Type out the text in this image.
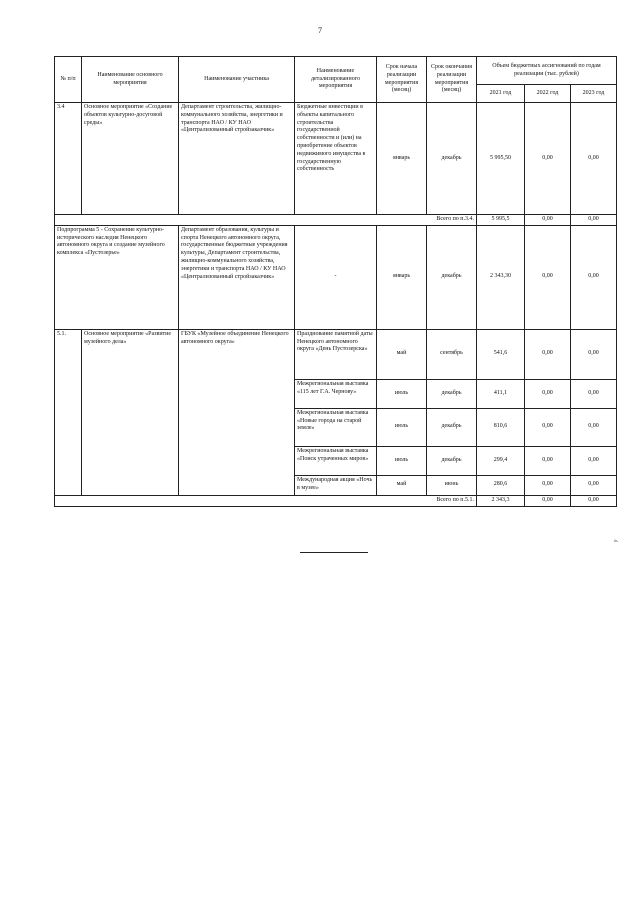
7
№ п/п	Наименование основного мероприятия	Наименование участника	Наименование детализированного мероприятия	Срок начала реализации мероприятия (месяц)	Срок окончания реализации мероприятия (месяц)	Объем бюджетных ассигнований по годам реализации (тыс. рублей)		
						2021 год	2022 год	2023 год
3.4	Основное мероприятие «Создание объектов культурно-досуговой среды»	Департамент строительства, жилищно-коммунального хозяйства, энергетики и транспорта НАО / КУ НАО «Централизованный стройзаказчик»	Бюджетные инвестиции в объекты капитального строительства государственной собственности и (или) на приобретение объектов недвижимого имущества в государственную собственность	январь	декабрь	5 995,50	0,00	0,00
Всего по п.3.4.						5 995,5	0,00	0,00
Подпрограмма 5 - Сохранение культурно-исторического наследия Ненецкого автономного округа и создание музейного комплекса «Пустозерье»		Департамент образования, культуры и спорта Ненецкого автономного округа, государственные бюджетные учреждения культуры, Департамент строительства, жилищно-коммунального хозяйства, энергетики и транспорта НАО / КУ НАО «Централизованный стройзаказчик»	-	январь	декабрь	2 343,30	0,00	0,00
5.1.	Основное мероприятие «Развитие музейного дела»	ГБУК «Музейное объединение Ненецкого автономного округа»	Празднование памятной даты Ненецкого автономного округа «День Пустозерска»	май	сентябрь	541,6	0,00	0,00
			Межрегиональная выставка «115 лет Г.А. Чернову»	июль	декабрь	411,1	0,00	0,00
			Межрегиональная выставка «Новые города на старой земле»	июль	декабрь	810,6	0,00	0,00
			Межрегиональная выставка «Поиск утраченных миров»	июль	декабрь	299,4	0,00	0,00
			Международная акция «Ночь в музее»	май	июнь	280,6	0,00	0,00
Всего по п.5.1.						2 343,3	0,00	0,00
».
